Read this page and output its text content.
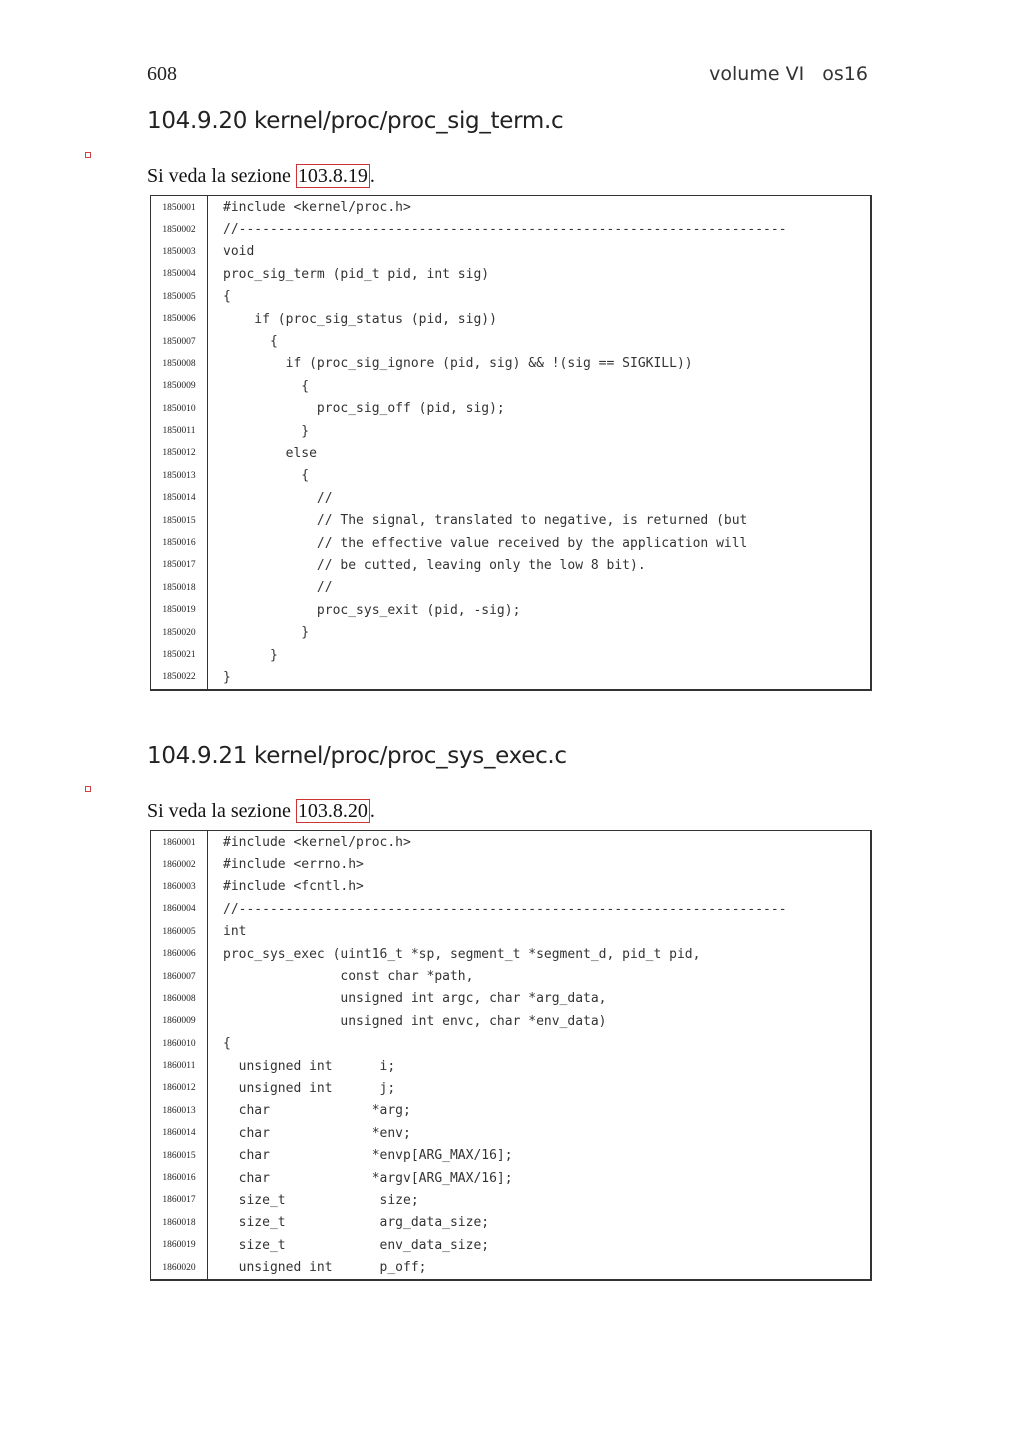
608	volume VI   os16
104.9.20 kernel/proc/proc_sig_term.c
Si veda la sezione 103.8.19 .
1850001	#include <kernel/proc.h>
1850002	//----------------------------------------------------------------------
1850003	void
1850004	proc_sig_term (pid_t pid, int sig)
1850005	{
1850006	if (proc_sig_status (pid, sig))
1850007	{
1850008	if (proc_sig_ignore (pid, sig) && !(sig == SIGKILL))
1850009	{
1850010	proc_sig_off (pid, sig);
1850011	}
1850012	else
1850013	{
1850014	//
1850015	// The signal, translated to negative, is returned (but
1850016	// the effective value received by the application will
1850017	// be cutted, leaving only the low 8 bit).
1850018	//
1850019	proc_sys_exit (pid, -sig);
1850020	}
1850021	}
1850022	}
104.9.21 kernel/proc/proc_sys_exec.c
Si veda la sezione 103.8.20 .
1860001	#include <kernel/proc.h>
1860002	#include <errno.h>
1860003	#include <fcntl.h>
1860004	//----------------------------------------------------------------------
1860005	int
1860006	proc_sys_exec (uint16_t *sp, segment_t *segment_d, pid_t pid,
1860007	const char *path,
1860008	unsigned int argc, char *arg_data,
1860009	unsigned int envc, char *env_data)
1860010	{
1860011	unsigned int      i;
1860012	unsigned int      j;
1860013	char             *arg;
1860014	char             *env;
1860015	char             *envp[ARG_MAX/16];
1860016	char             *argv[ARG_MAX/16];
1860017	size_t            size;
1860018	size_t            arg_data_size;
1860019	size_t            env_data_size;
1860020	unsigned int      p_off;
